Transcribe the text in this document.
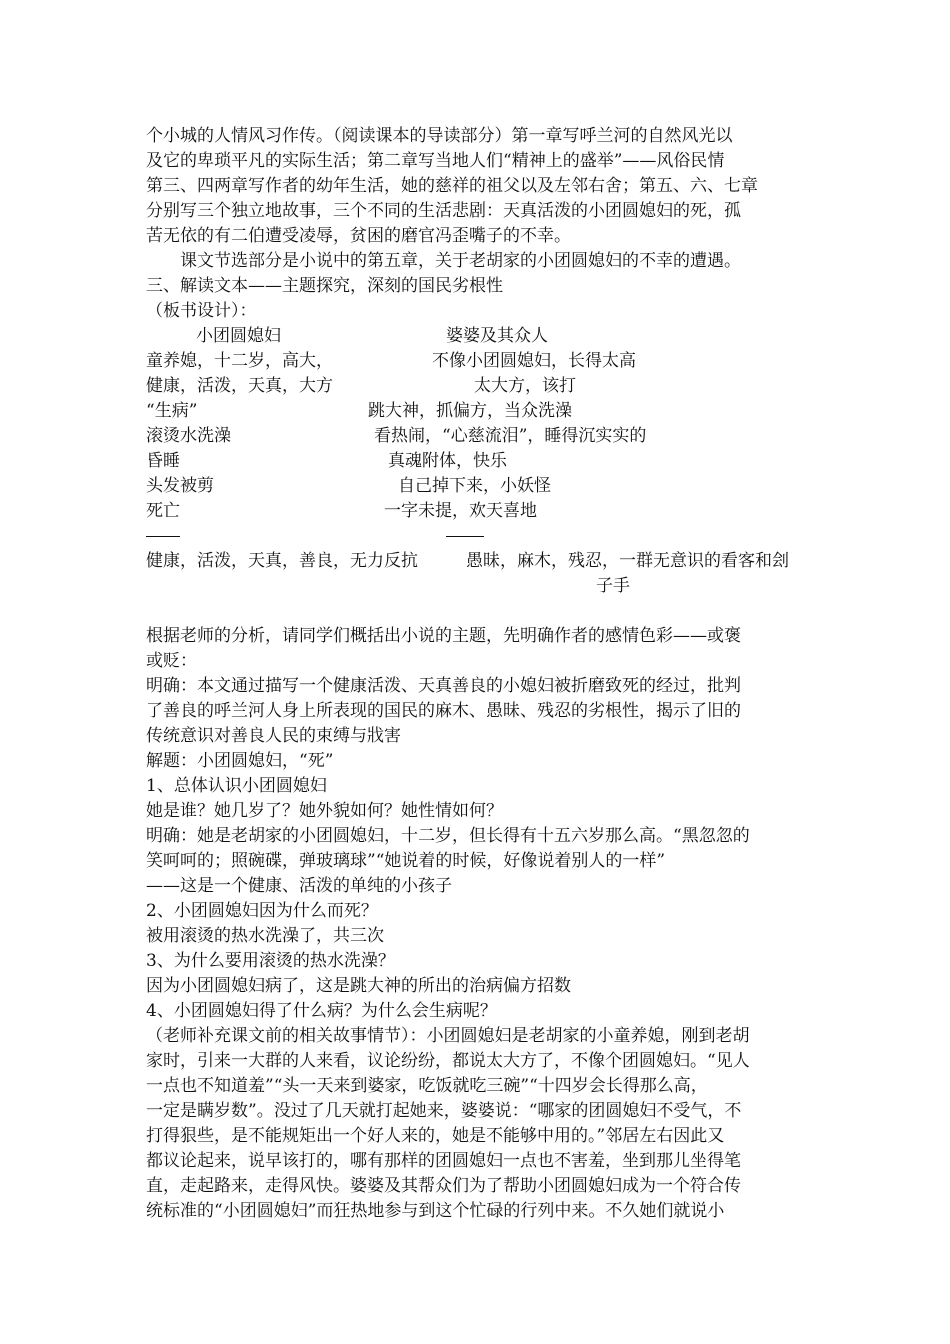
个小城的人情风习作传。（阅读课本的导读部分）第一章写呼兰河的自然风光以
及它的卑琐平凡的实际生活；第二章写当地人们“精神上的盛举”——风俗民情
第三、四两章写作者的幼年生活，她的慈祥的祖父以及左邻右舍；第五、六、七章
分别写三个独立地故事，三个不同的生活悲剧：天真活泼的小团圆媳妇的死，孤
苦无依的有二伯遭受凌辱，贫困的磨官冯歪嘴子的不幸。
课文节选部分是小说中的第五章，关于老胡家的小团圆媳妇的不幸的遭遇。
三、解读文本——主题探究，深刻的国民劣根性
（板书设计）：
小团圆媳妇	婆婆及其众人
童养媳，十二岁，高大，	不像小团圆媳妇，长得太高
健康，活泼，天真，大方	太大方，该打
“生病”	跳大神，抓偏方，当众洗澡
滚烫水洗澡	看热闹，“心慈流泪”，睡得沉实实的
昏睡	真魂附体，快乐
头发被剪	自己掉下来，小妖怪
死亡	一字未提，欢天喜地
健康，活泼，天真，善良，无力反抗	愚昧，麻木，残忍，一群无意识的看客和刽
子手
根据老师的分析，请同学们概括出小说的主题，先明确作者的感情色彩——或褒
或贬：
明确：本文通过描写一个健康活泼、天真善良的小媳妇被折磨致死的经过，批判
了善良的呼兰河人身上所表现的国民的麻木、愚昧、残忍的劣根性，揭示了旧的
传统意识对善良人民的束缚与戕害
解题：小团圆媳妇，“死”
1、总体认识小团圆媳妇
她是谁？她几岁了？她外貌如何？她性情如何？
明确：她是老胡家的小团圆媳妇，十二岁，但长得有十五六岁那么高。“黑忽忽的
笑呵呵的；照碗碟，弹玻璃球”“她说着的时候，好像说着别人的一样”
——这是一个健康、活泼的单纯的小孩子
2、小团圆媳妇因为什么而死？
被用滚烫的热水洗澡了，共三次
3、为什么要用滚烫的热水洗澡？
因为小团圆媳妇病了，这是跳大神的所出的治病偏方招数
4、小团圆媳妇得了什么病？为什么会生病呢？
（老师补充课文前的相关故事情节）：小团圆媳妇是老胡家的小童养媳，刚到老胡
家时，引来一大群的人来看，议论纷纷，都说太大方了，不像个团圆媳妇。“见人
一点也不知道羞”“头一天来到婆家，吃饭就吃三碗”“十四岁会长得那么高，
一定是瞒岁数”。没过了几天就打起她来，婆婆说：“哪家的团圆媳妇不受气，不
打得狠些，是不能规矩出一个好人来的，她是不能够中用的。”邻居左右因此又
都议论起来，说早该打的，哪有那样的团圆媳妇一点也不害羞，坐到那儿坐得笔
直，走起路来，走得风快。婆婆及其帮众们为了帮助小团圆媳妇成为一个符合传
统标准的“小团圆媳妇”而狂热地参与到这个忙碌的行列中来。不久她们就说小
